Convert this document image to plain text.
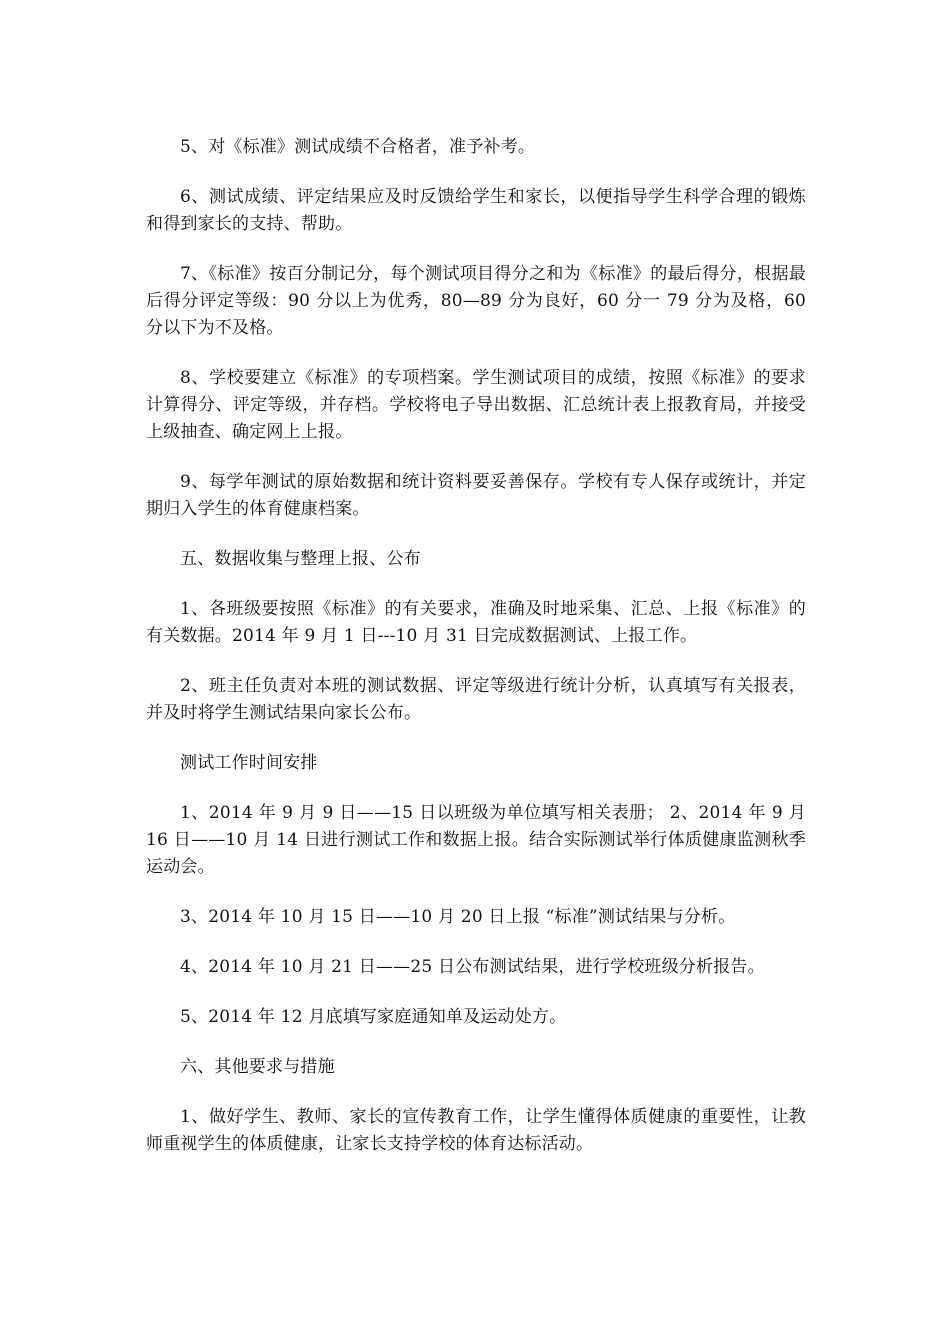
5、对《标准》测试成绩不合格者，准予补考。

6、测试成绩、评定结果应及时反馈给学生和家长，以便指导学生科学合理的锻炼和得到家长的支持、帮助。

7、《标准》按百分制记分，每个测试项目得分之和为《标准》的最后得分，根据最后得分评定等级：90 分以上为优秀，80—89 分为良好，60 分一 79 分为及格，60 分以下为不及格。

8、学校要建立《标准》的专项档案。学生测试项目的成绩，按照《标准》的要求计算得分、评定等级，并存档。学校将电子导出数据、汇总统计表上报教育局，并接受上级抽查、确定网上上报。

9、每学年测试的原始数据和统计资料要妥善保存。学校有专人保存或统计，并定期归入学生的体育健康档案。

五、数据收集与整理上报、公布

1、各班级要按照《标准》的有关要求，准确及时地采集、汇总、上报《标准》的有关数据。2014 年 9 月 1 日---10 月 31 日完成数据测试、上报工作。

2、班主任负责对本班的测试数据、评定等级进行统计分析，认真填写有关报表，并及时将学生测试结果向家长公布。

测试工作时间安排

1、2014 年 9 月 9 日——15 日以班级为单位填写相关表册； 2、2014 年 9 月 16 日——10 月 14 日进行测试工作和数据上报。结合实际测试举行体质健康监测秋季运动会。

3、2014 年 10 月 15 日——10 月 20 日上报 “标准”测试结果与分析。

4、2014 年 10 月 21 日——25 日公布测试结果，进行学校班级分析报告。

5、2014 年 12 月底填写家庭通知单及运动处方。

六、其他要求与措施

1、做好学生、教师、家长的宣传教育工作，让学生懂得体质健康的重要性，让教师重视学生的体质健康，让家长支持学校的体育达标活动。
